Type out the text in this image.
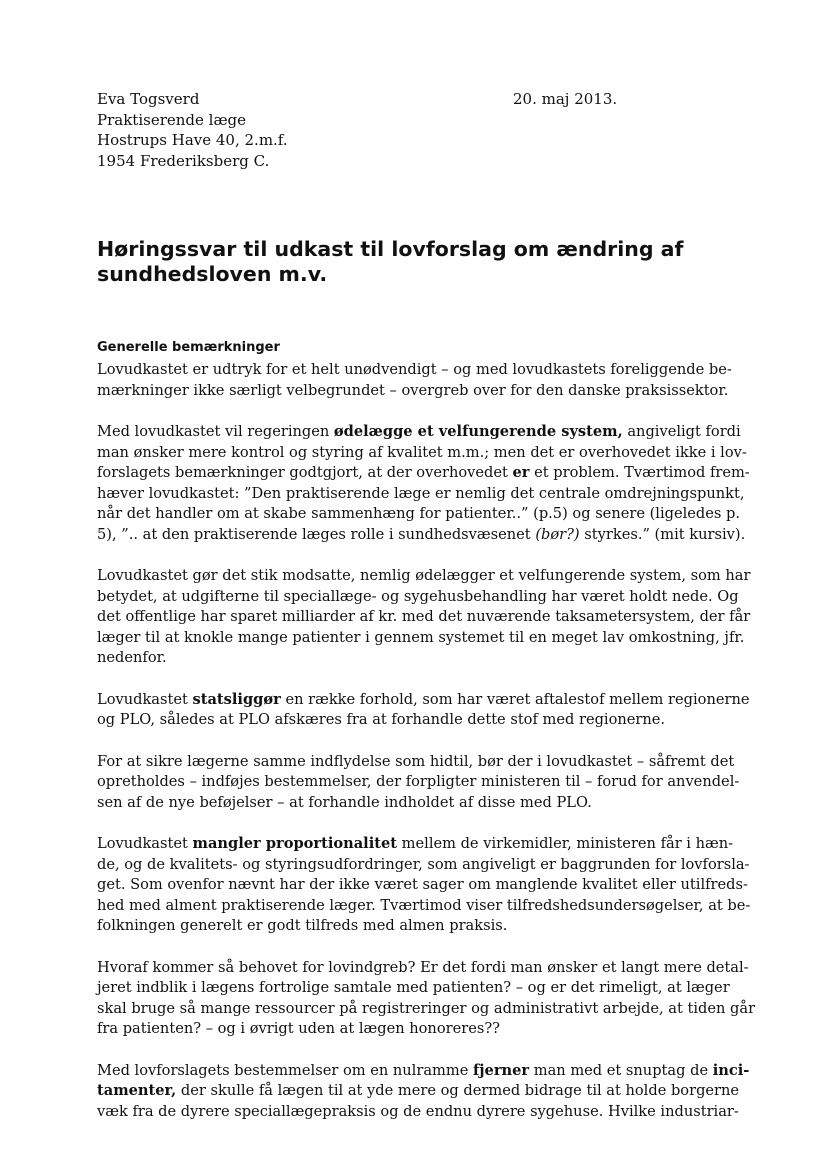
Eva Togsverd
Praktiserende læge
Hostrups Have 40, 2.m.f.
1954 Frederiksberg C.
20. maj 2013.
Høringssvar til udkast til lovforslag om ændring af
sundhedsloven m.v.
Generelle bemærkninger
Lovudkastet er udtryk for et helt unødvendigt – og med lovudkastets foreliggende be-
mærkninger ikke særligt velbegrundet – overgreb over for den danske praksissektor.
Med lovudkastet vil regeringen ødelægge et velfungerende system, angiveligt fordi
man ønsker mere kontrol og styring af kvalitet m.m.; men det er overhovedet ikke i lov-
forslagets bemærkninger godtgjort, at der overhovedet er et problem. Tværtimod frem-
hæver lovudkastet: ”Den praktiserende læge er nemlig det centrale omdrejningspunkt,
når det handler om at skabe sammenhæng for patienter..” (p.5) og senere (ligeledes p.
5), ”.. at den praktiserende læges rolle i sundhedsvæsenet (bør?) styrkes.” (mit kursiv).
Lovudkastet gør det stik modsatte, nemlig ødelægger et velfungerende system, som har
betydet, at udgifterne til speciallæge- og sygehusbehandling har været holdt nede. Og
det offentlige har sparet milliarder af kr. med det nuværende taksametersystem, der får
læger til at knokle mange patienter i gennem systemet til en meget lav omkostning, jfr.
nedenfor.
Lovudkastet statsliggør en række forhold, som har været aftalestof mellem regionerne
og PLO, således at PLO afskæres fra at forhandle dette stof med regionerne.
For at sikre lægerne samme indflydelse som hidtil, bør der i lovudkastet – såfremt det
opretholdes – indføjes bestemmelser, der forpligter ministeren til – forud for anvendel-
sen af de nye beføjelser – at forhandle indholdet af disse med PLO.
Lovudkastet mangler proportionalitet mellem de virkemidler, ministeren får i hæn-
de, og de kvalitets- og styringsudfordringer, som angiveligt er baggrunden for lovforsla-
get. Som ovenfor nævnt har der ikke været sager om manglende kvalitet eller utilfreds-
hed med alment praktiserende læger. Tværtimod viser tilfredshedsundersøgelser, at be-
folkningen generelt er godt tilfreds med almen praksis.
Hvoraf kommer så behovet for lovindgreb? Er det fordi man ønsker et langt mere detal-
jeret indblik i lægens fortrolige samtale med patienten? – og er det rimeligt, at læger
skal bruge så mange ressourcer på registreringer og administrativt arbejde, at tiden går
fra patienten? – og i øvrigt uden at lægen honoreres??
Med lovforslagets bestemmelser om en nulramme fjerner man med et snuptag de inci-
tamenter, der skulle få lægen til at yde mere og dermed bidrage til at holde borgerne
væk fra de dyrere speciallægepraksis og de endnu dyrere sygehuse. Hvilke industriar-
